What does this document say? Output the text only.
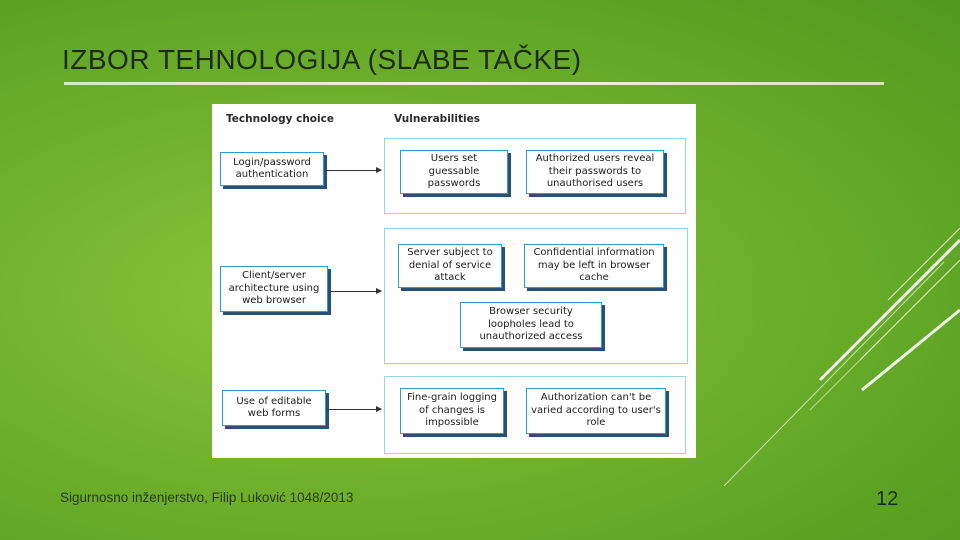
IZBOR TEHNOLOGIJA (SLABE TAČKE)
Technology choice	Vulnerabilities
Login/password authentication
Users set guessable passwords
Authorized users reveal their passwords to unauthorised users
Client/server architecture using web browser
Server subject to denial of service attack
Confidential information may be left in browser cache
Browser security loopholes lead to unauthorized access
Use of editable web forms
Fine-grain logging of changes is impossible
Authorization can't be varied according to user's role
Sigurnosno inženjerstvo, Filip Luković 1048/2013	12
